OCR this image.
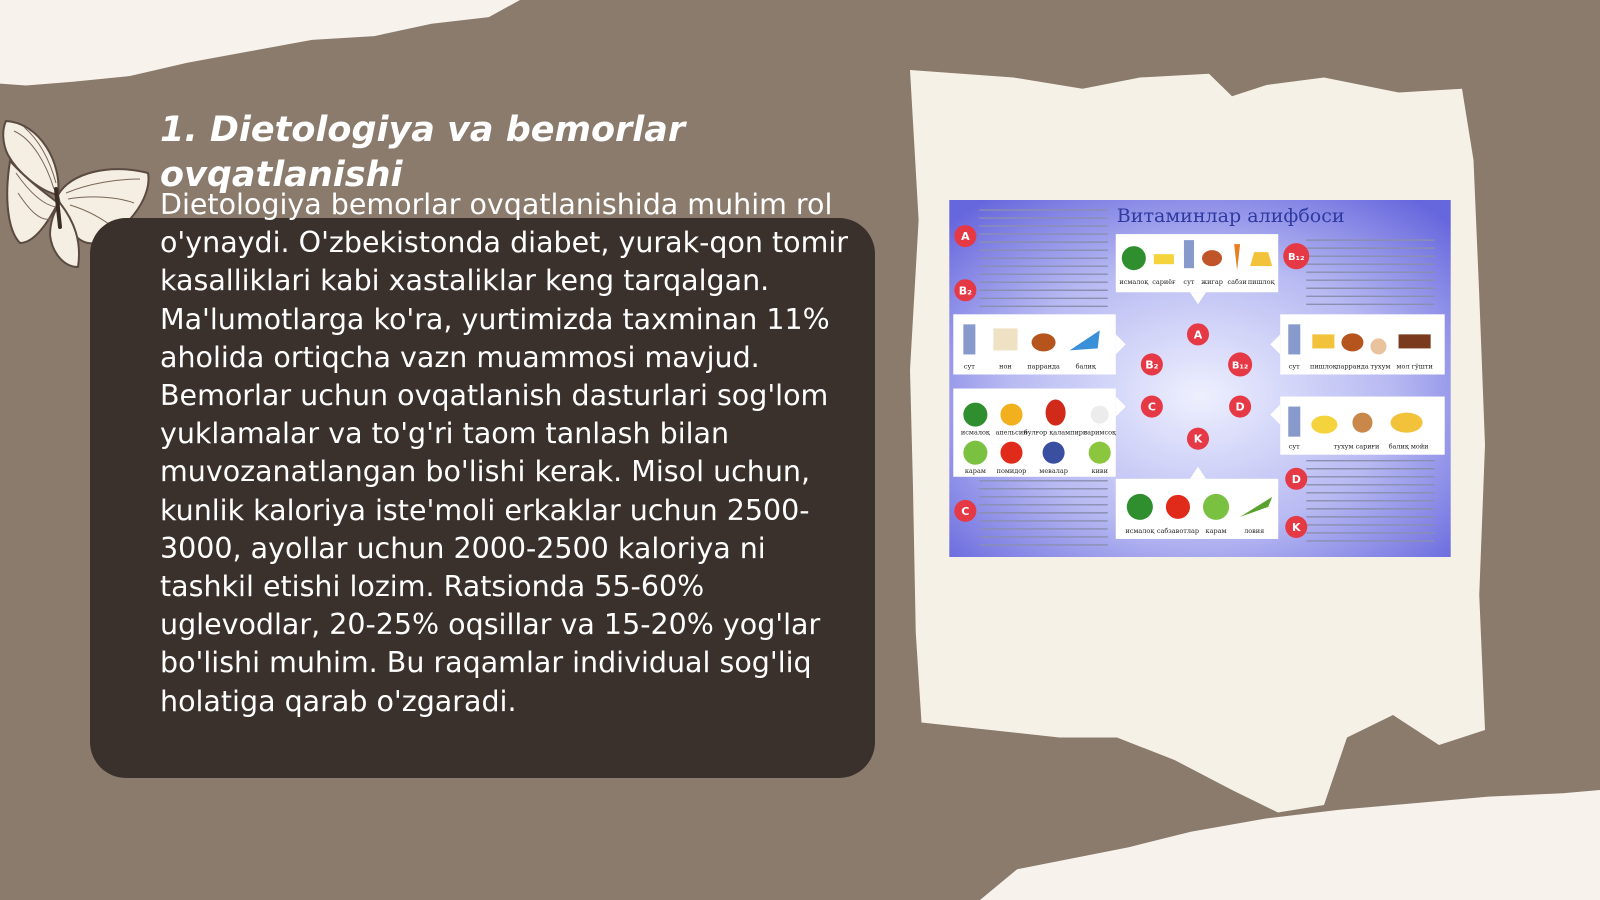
1. Dietologiya va bemorlar ovqatlanishi

Dietologiya bemorlar ovqatlanishida muhim rol o'ynaydi. O'zbekistonda diabet, yurak-qon tomir kasalliklari kabi xastaliklar keng tarqalgan. Ma'lumotlarga ko'ra, yurtimizda taxminan 11% aholida ortiqcha vazn muammosi mavjud. Bemorlar uchun ovqatlanish dasturlari sog'lom yuklamalar va to'g'ri taom tanlash bilan muvozanatlangan bo'lishi kerak. Misol uchun, kunlik kaloriya iste'moli erkaklar uchun 2500-3000, ayollar uchun 2000-2500 kaloriya ni tashkil etishi lozim. Ratsionda 55-60% uglevodlar, 20-25% oqsillar va 15-20% yog'lar bo'lishi muhim. Bu raqamlar individual sog'liq holatiga qarab o'zgaradi.

Витаминлар алифбоси
исмалоқ сариёғ сут жигар сабзи пишлоқ
сут	нон парранда балиқ	сут пишлоқ парранда тухум мол гўшти
исмалоқ апельсин
булғор қалампири
саримсоқ
карам помидор мевалар	киви
сут	тухум сариғи балиқ мойи
исмалоқ сабзавотлар карам	ловия
A
B₂
C
B₁₂
A
B₂	B₁₂
C	D
K
D
K
